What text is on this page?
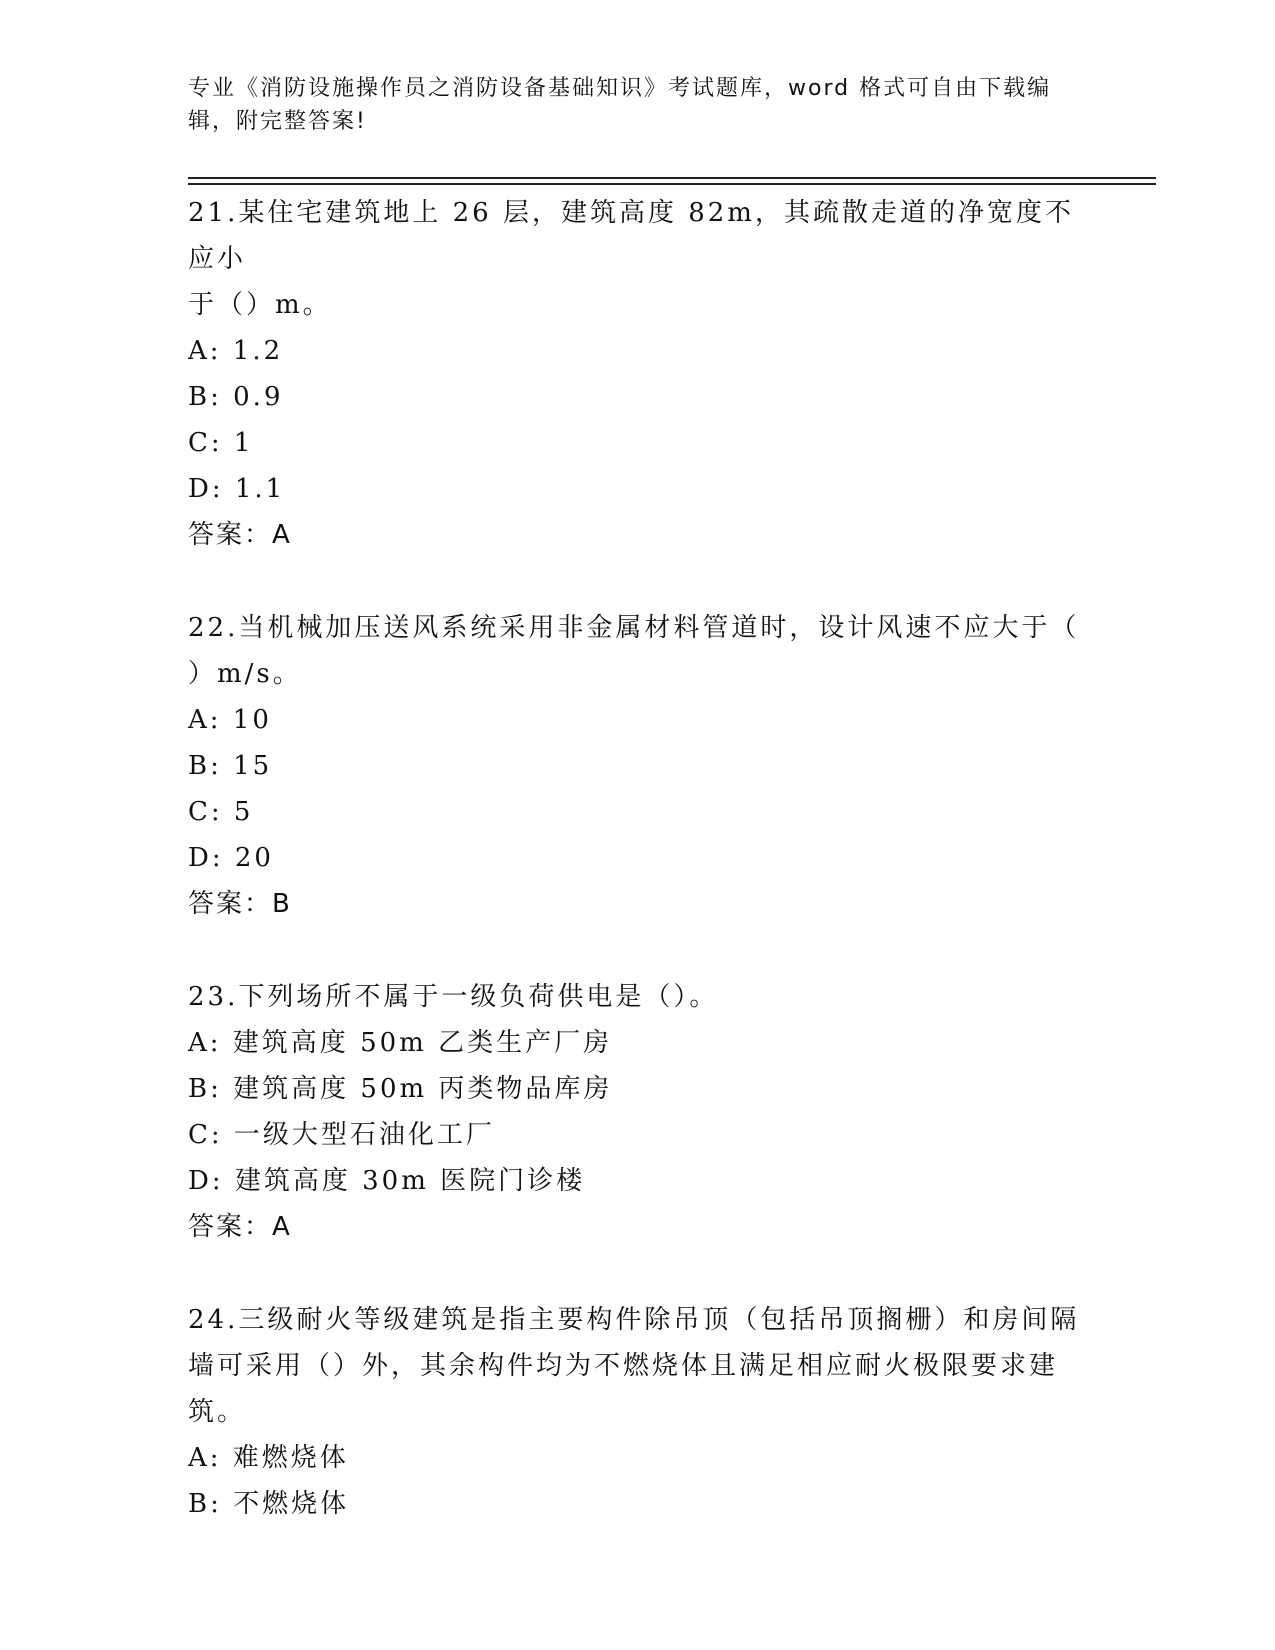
专业《消防设施操作员之消防设备基础知识》考试题库，word 格式可自由下载编
辑，附完整答案!
21.某住宅建筑地上 26 层，建筑高度 82m，其疏散走道的净宽度不应小
于（）m。
A: 1.2
B: 0.9
C: 1
D: 1.1
答案：A
22.当机械加压送风系统采用非金属材料管道时，设计风速不应大于（
）m/s。
A: 10
B: 15
C: 5
D: 20
答案：B
23.下列场所不属于一级负荷供电是（）。
A: 建筑高度 50m 乙类生产厂房
B: 建筑高度 50m 丙类物品库房
C: 一级大型石油化工厂
D: 建筑高度 30m 医院门诊楼
答案：A
24.三级耐火等级建筑是指主要构件除吊顶（包括吊顶搁栅）和房间隔
墙可采用（）外，其余构件均为不燃烧体且满足相应耐火极限要求建
筑。
A: 难燃烧体
B: 不燃烧体
